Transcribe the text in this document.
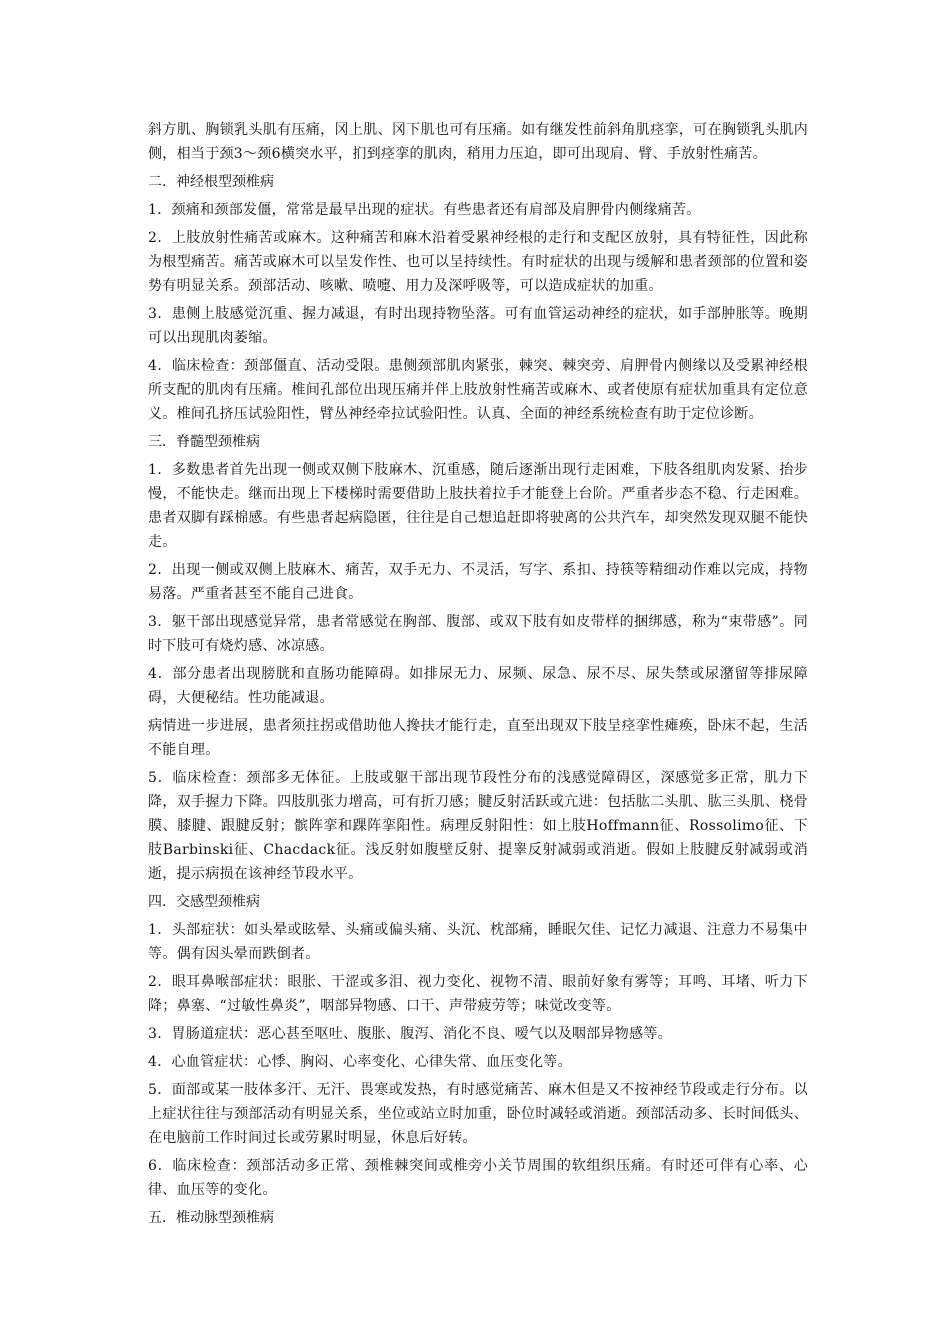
斜方肌、胸锁乳头肌有压痛，冈上肌、冈下肌也可有压痛。如有继发性前斜角肌痉挛，可在胸锁乳头肌内侧，相当于颈3～颈6横突水平，扪到痉挛的肌肉，稍用力压迫，即可出现肩、臂、手放射性痛苦。

二．神经根型颈椎病

1．颈痛和颈部发僵，常常是最早出现的症状。有些患者还有肩部及肩胛骨内侧缘痛苦。

2．上肢放射性痛苦或麻木。这种痛苦和麻木沿着受累神经根的走行和支配区放射，具有特征性，因此称为根型痛苦。痛苦或麻木可以呈发作性、也可以呈持续性。有时症状的出现与缓解和患者颈部的位置和姿势有明显关系。颈部活动、咳嗽、喷嚏、用力及深呼吸等，可以造成症状的加重。

3．患侧上肢感觉沉重、握力减退，有时出现持物坠落。可有血管运动神经的症状，如手部肿胀等。晚期可以出现肌肉萎缩。

4．临床检查：颈部僵直、活动受限。患侧颈部肌肉紧张，棘突、棘突旁、肩胛骨内侧缘以及受累神经根所支配的肌肉有压痛。椎间孔部位出现压痛并伴上肢放射性痛苦或麻木、或者使原有症状加重具有定位意义。椎间孔挤压试验阳性，臂丛神经牵拉试验阳性。认真、全面的神经系统检查有助于定位诊断。

三．脊髓型颈椎病

1．多数患者首先出现一侧或双侧下肢麻木、沉重感，随后逐渐出现行走困难，下肢各组肌肉发紧、抬步慢，不能快走。继而出现上下楼梯时需要借助上肢扶着拉手才能登上台阶。严重者步态不稳、行走困难。患者双脚有踩棉感。有些患者起病隐匿，往往是自己想追赶即将驶离的公共汽车，却突然发现双腿不能快走。

2．出现一侧或双侧上肢麻木、痛苦，双手无力、不灵活，写字、系扣、持筷等精细动作难以完成，持物易落。严重者甚至不能自己进食。

3．躯干部出现感觉异常，患者常感觉在胸部、腹部、或双下肢有如皮带样的捆绑感，称为“束带感”。同时下肢可有烧灼感、冰凉感。

4．部分患者出现膀胱和直肠功能障碍。如排尿无力、尿频、尿急、尿不尽、尿失禁或尿潴留等排尿障碍，大便秘结。性功能减退。

病情进一步进展，患者须拄拐或借助他人搀扶才能行走，直至出现双下肢呈痉挛性瘫痪，卧床不起，生活不能自理。

5．临床检查：颈部多无体征。上肢或躯干部出现节段性分布的浅感觉障碍区，深感觉多正常，肌力下降，双手握力下降。四肢肌张力增高，可有折刀感；腱反射活跃或亢进：包括肱二头肌、肱三头肌、桡骨膜、膝腱、跟腱反射；髌阵挛和踝阵挛阳性。病理反射阳性：如上肢Hoffmann征、Rossolimo征、下肢Barbinski征、Chacdack征。浅反射如腹壁反射、提睾反射减弱或消逝。假如上肢腱反射减弱或消逝，提示病损在该神经节段水平。

四．交感型颈椎病

1．头部症状：如头晕或眩晕、头痛或偏头痛、头沉、枕部痛，睡眠欠佳、记忆力减退、注意力不易集中等。偶有因头晕而跌倒者。

2．眼耳鼻喉部症状：眼胀、干涩或多泪、视力变化、视物不清、眼前好象有雾等；耳鸣、耳堵、听力下降；鼻塞、“过敏性鼻炎”，咽部异物感、口干、声带疲劳等；味觉改变等。

3．胃肠道症状：恶心甚至呕吐、腹胀、腹泻、消化不良、嗳气以及咽部异物感等。

4．心血管症状：心悸、胸闷、心率变化、心律失常、血压变化等。

5．面部或某一肢体多汗、无汗、畏寒或发热，有时感觉痛苦、麻木但是又不按神经节段或走行分布。以上症状往往与颈部活动有明显关系，坐位或站立时加重，卧位时减轻或消逝。颈部活动多、长时间低头、在电脑前工作时间过长或劳累时明显，休息后好转。

6．临床检查：颈部活动多正常、颈椎棘突间或椎旁小关节周围的软组织压痛。有时还可伴有心率、心律、血压等的变化。

五．椎动脉型颈椎病
